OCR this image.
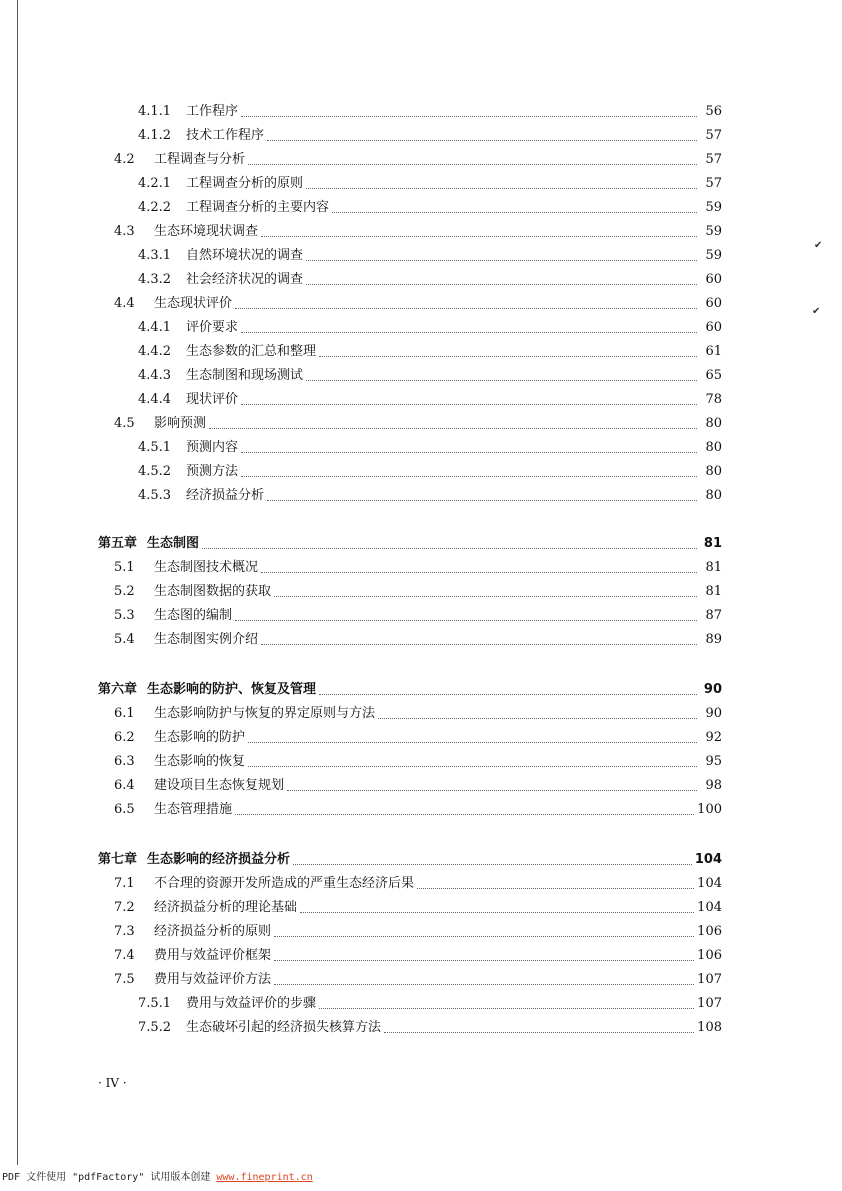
✔
✔
4.1.1 工作程序	56
4.1.2 技术工作程序	57
4.2	工程调查与分析	57
4.2.1 工程调查分析的原则	57
4.2.2 工程调查分析的主要内容	59
4.3	生态环境现状调查	59
4.3.1 自然环境状况的调查	59
4.3.2 社会经济状况的调查	60
4.4	生态现状评价	60
4.4.1 评价要求	60
4.4.2 生态参数的汇总和整理	61
4.4.3 生态制图和现场测试	65
4.4.4 现状评价	78
4.5	影响预测	80
4.5.1 预测内容	80
4.5.2 预测方法	80
4.5.3 经济损益分析	80
第五章 生态制图	81
5.1	生态制图技术概况	81
5.2	生态制图数据的获取	81
5.3	生态图的编制	87
5.4	生态制图实例介绍	89
第六章 生态影响的防护、恢复及管理	90
6.1	生态影响防护与恢复的界定原则与方法	90
6.2	生态影响的防护	92
6.3	生态影响的恢复	95
6.4	建设项目生态恢复规划	98
6.5	生态管理措施	100
第七章 生态影响的经济损益分析	104
7.1	不合理的资源开发所造成的严重生态经济后果	104
7.2	经济损益分析的理论基础	104
7.3	经济损益分析的原则	106
7.4	费用与效益评价框架	106
7.5	费用与效益评价方法	107
7.5.1 费用与效益评价的步骤	107
7.5.2 生态破坏引起的经济损失核算方法	108
· IV ·
PDF 文件使用 "pdfFactory" 试用版本创建 www.fineprint.cn
